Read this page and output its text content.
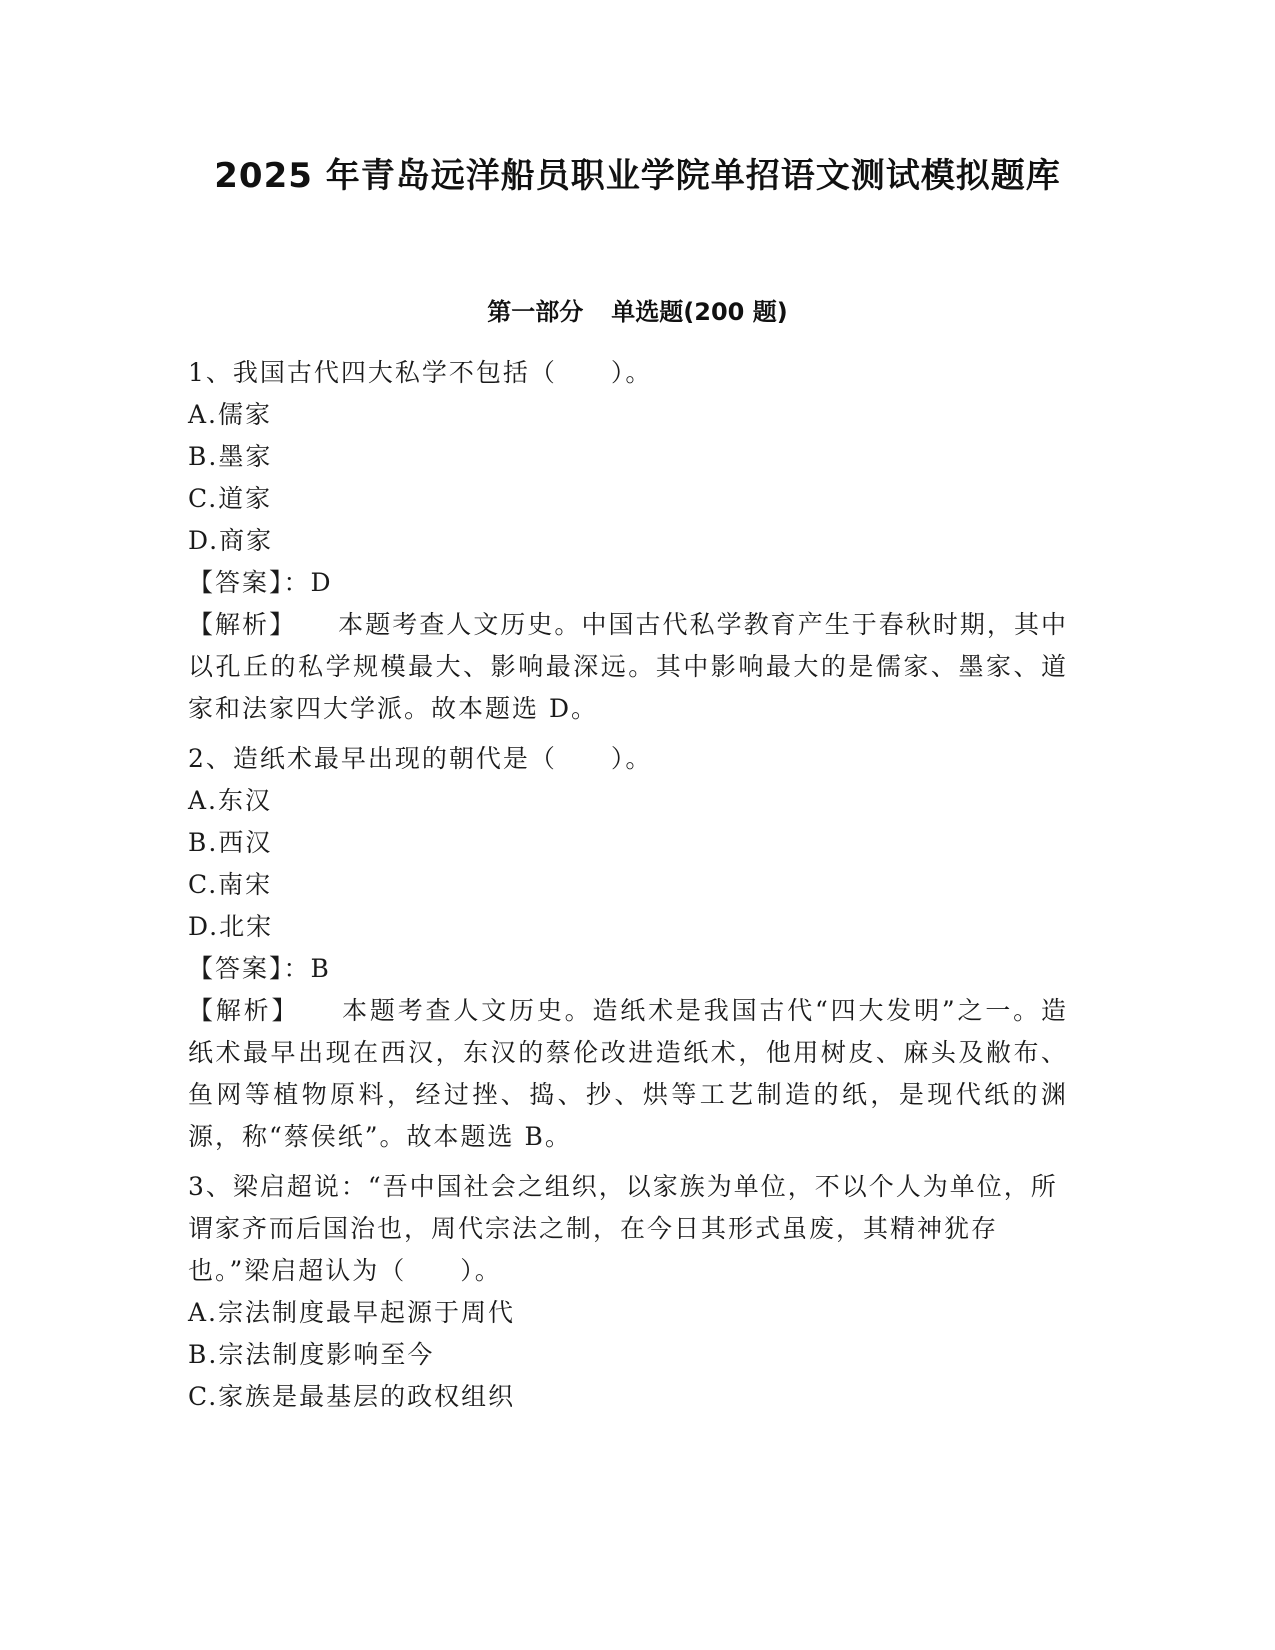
2025 年青岛远洋船员职业学院单招语文测试模拟题库
第一部分 单选题(200 题)

1、我国古代四大私学不包括（　　）。

A.儒家

B.墨家

C.道家

D.商家

【答案】：D

【解析】 本题考查人文历史。中国古代私学教育产生于春秋时期，其中以孔丘的私学规模最大、影响最深远。其中影响最大的是儒家、墨家、道家和法家四大学派。故本题选 D。

2、造纸术最早出现的朝代是（　　）。

A.东汉

B.西汉

C.南宋

D.北宋

【答案】：B

【解析】 本题考查人文历史。造纸术是我国古代“四大发明”之一。造纸术最早出现在西汉，东汉的蔡伦改进造纸术，他用树皮、麻头及敝布、鱼网等植物原料，经过挫、捣、抄、烘等工艺制造的纸，是现代纸的渊源，称“蔡侯纸”。故本题选 B。

3、梁启超说：“吾中国社会之组织，以家族为单位，不以个人为单位，所谓家齐而后国治也，周代宗法之制，在今日其形式虽废，其精神犹存也。”梁启超认为（　　）。

A.宗法制度最早起源于周代

B.宗法制度影响至今

C.家族是最基层的政权组织
